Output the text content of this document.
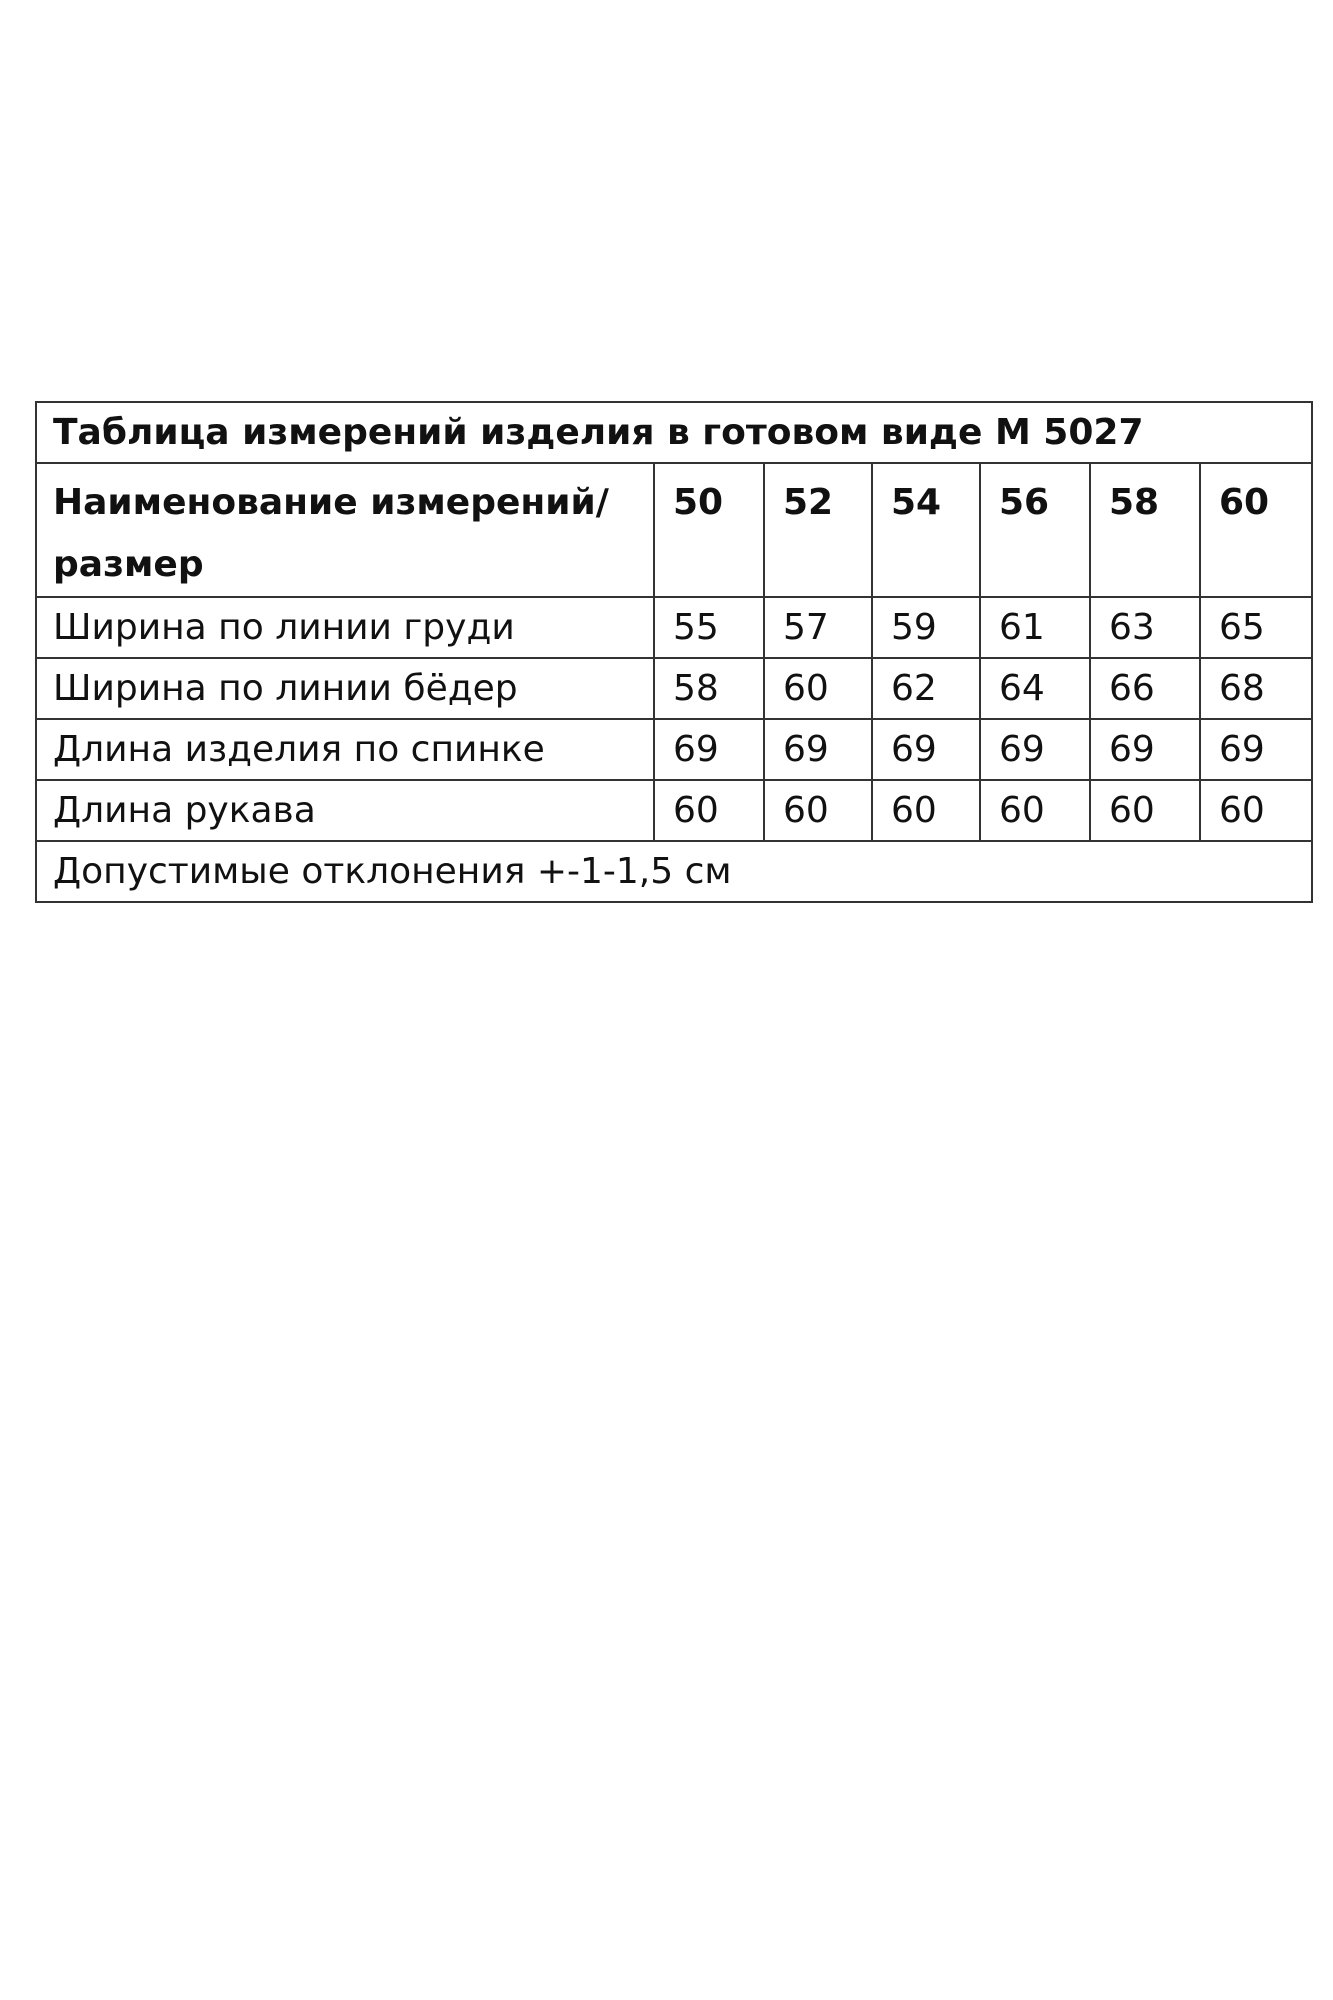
Таблица измерений изделия в готовом виде М 5027						
Наименование измерений/размер	50	52	54	56	58	60
Ширина по линии груди	55	57	59	61	63	65
Ширина по линии бёдер	58	60	62	64	66	68
Длина изделия по спинке	69	69	69	69	69	69
Длина рукава	60	60	60	60	60	60
Допустимые отклонения +-1-1,5 см						
